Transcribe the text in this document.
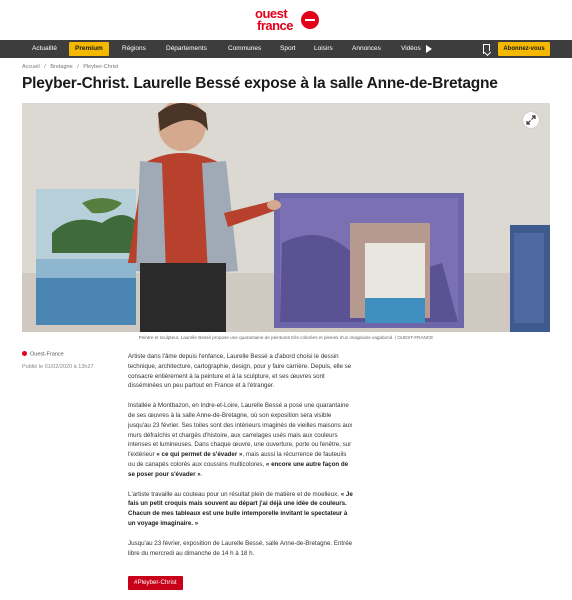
ouest
france
Actualité	Premium	Régions	Départements	Communes	Sport	Loisirs	Annonces	Vidéos	Abonnez-vous
Accueil / Bretagne / Pleyber-Christ
Pleyber-Christ. Laurelle Bessé expose à la salle Anne-de-Bretagne
Peintre et sculpteur, Laurelle Bessé propose une quarantaine de peintures très colorées et pleines d'un imaginaire vagabond. | OUEST-FRANCE
Ouest-France
Publié le 01/02/2020 à 13h27

Artiste dans l'âme depuis l'enfance, Laurelle Bessé a d'abord choisi le dessin technique, architecture, cartographie, design, pour y faire carrière. Depuis, elle se consacre entièrement à la peinture et à la sculpture, et ses œuvres sont disséminées un peu partout en France et à l'étranger.

Installée à Montbazon, en Indre-et-Loire, Laurelle Bessé a posé une quarantaine de ses œuvres à la salle Anne-de-Bretagne, où son exposition sera visible jusqu'au 23 février. Ses toiles sont des intérieurs imaginés de vieilles maisons aux murs défraîchis et chargés d'histoire, aux carrelages usés mais aux couleurs intenses et lumineuses. Dans chaque œuvre, une ouverture, porte ou fenêtre, sur l'extérieur « ce qui permet de s'évader », mais aussi la récurrence de fauteuils ou de canapés colorés aux coussins multicolores, « encore une autre façon de se poser pour s'évader ».

L'artiste travaille au couteau pour un résultat plein de matière et de moelleux. « Je fais un petit croquis mais souvent au départ j'ai déjà une idée de couleurs. Chacun de mes tableaux est une bulle intemporelle invitant le spectateur à un voyage imaginaire. »

Jusqu'au 23 février, exposition de Laurelle Bessé, salle Anne-de-Bretagne. Entrée libre du mercredi au dimanche de 14 h à 18 h.

#Pleyber-Christ
